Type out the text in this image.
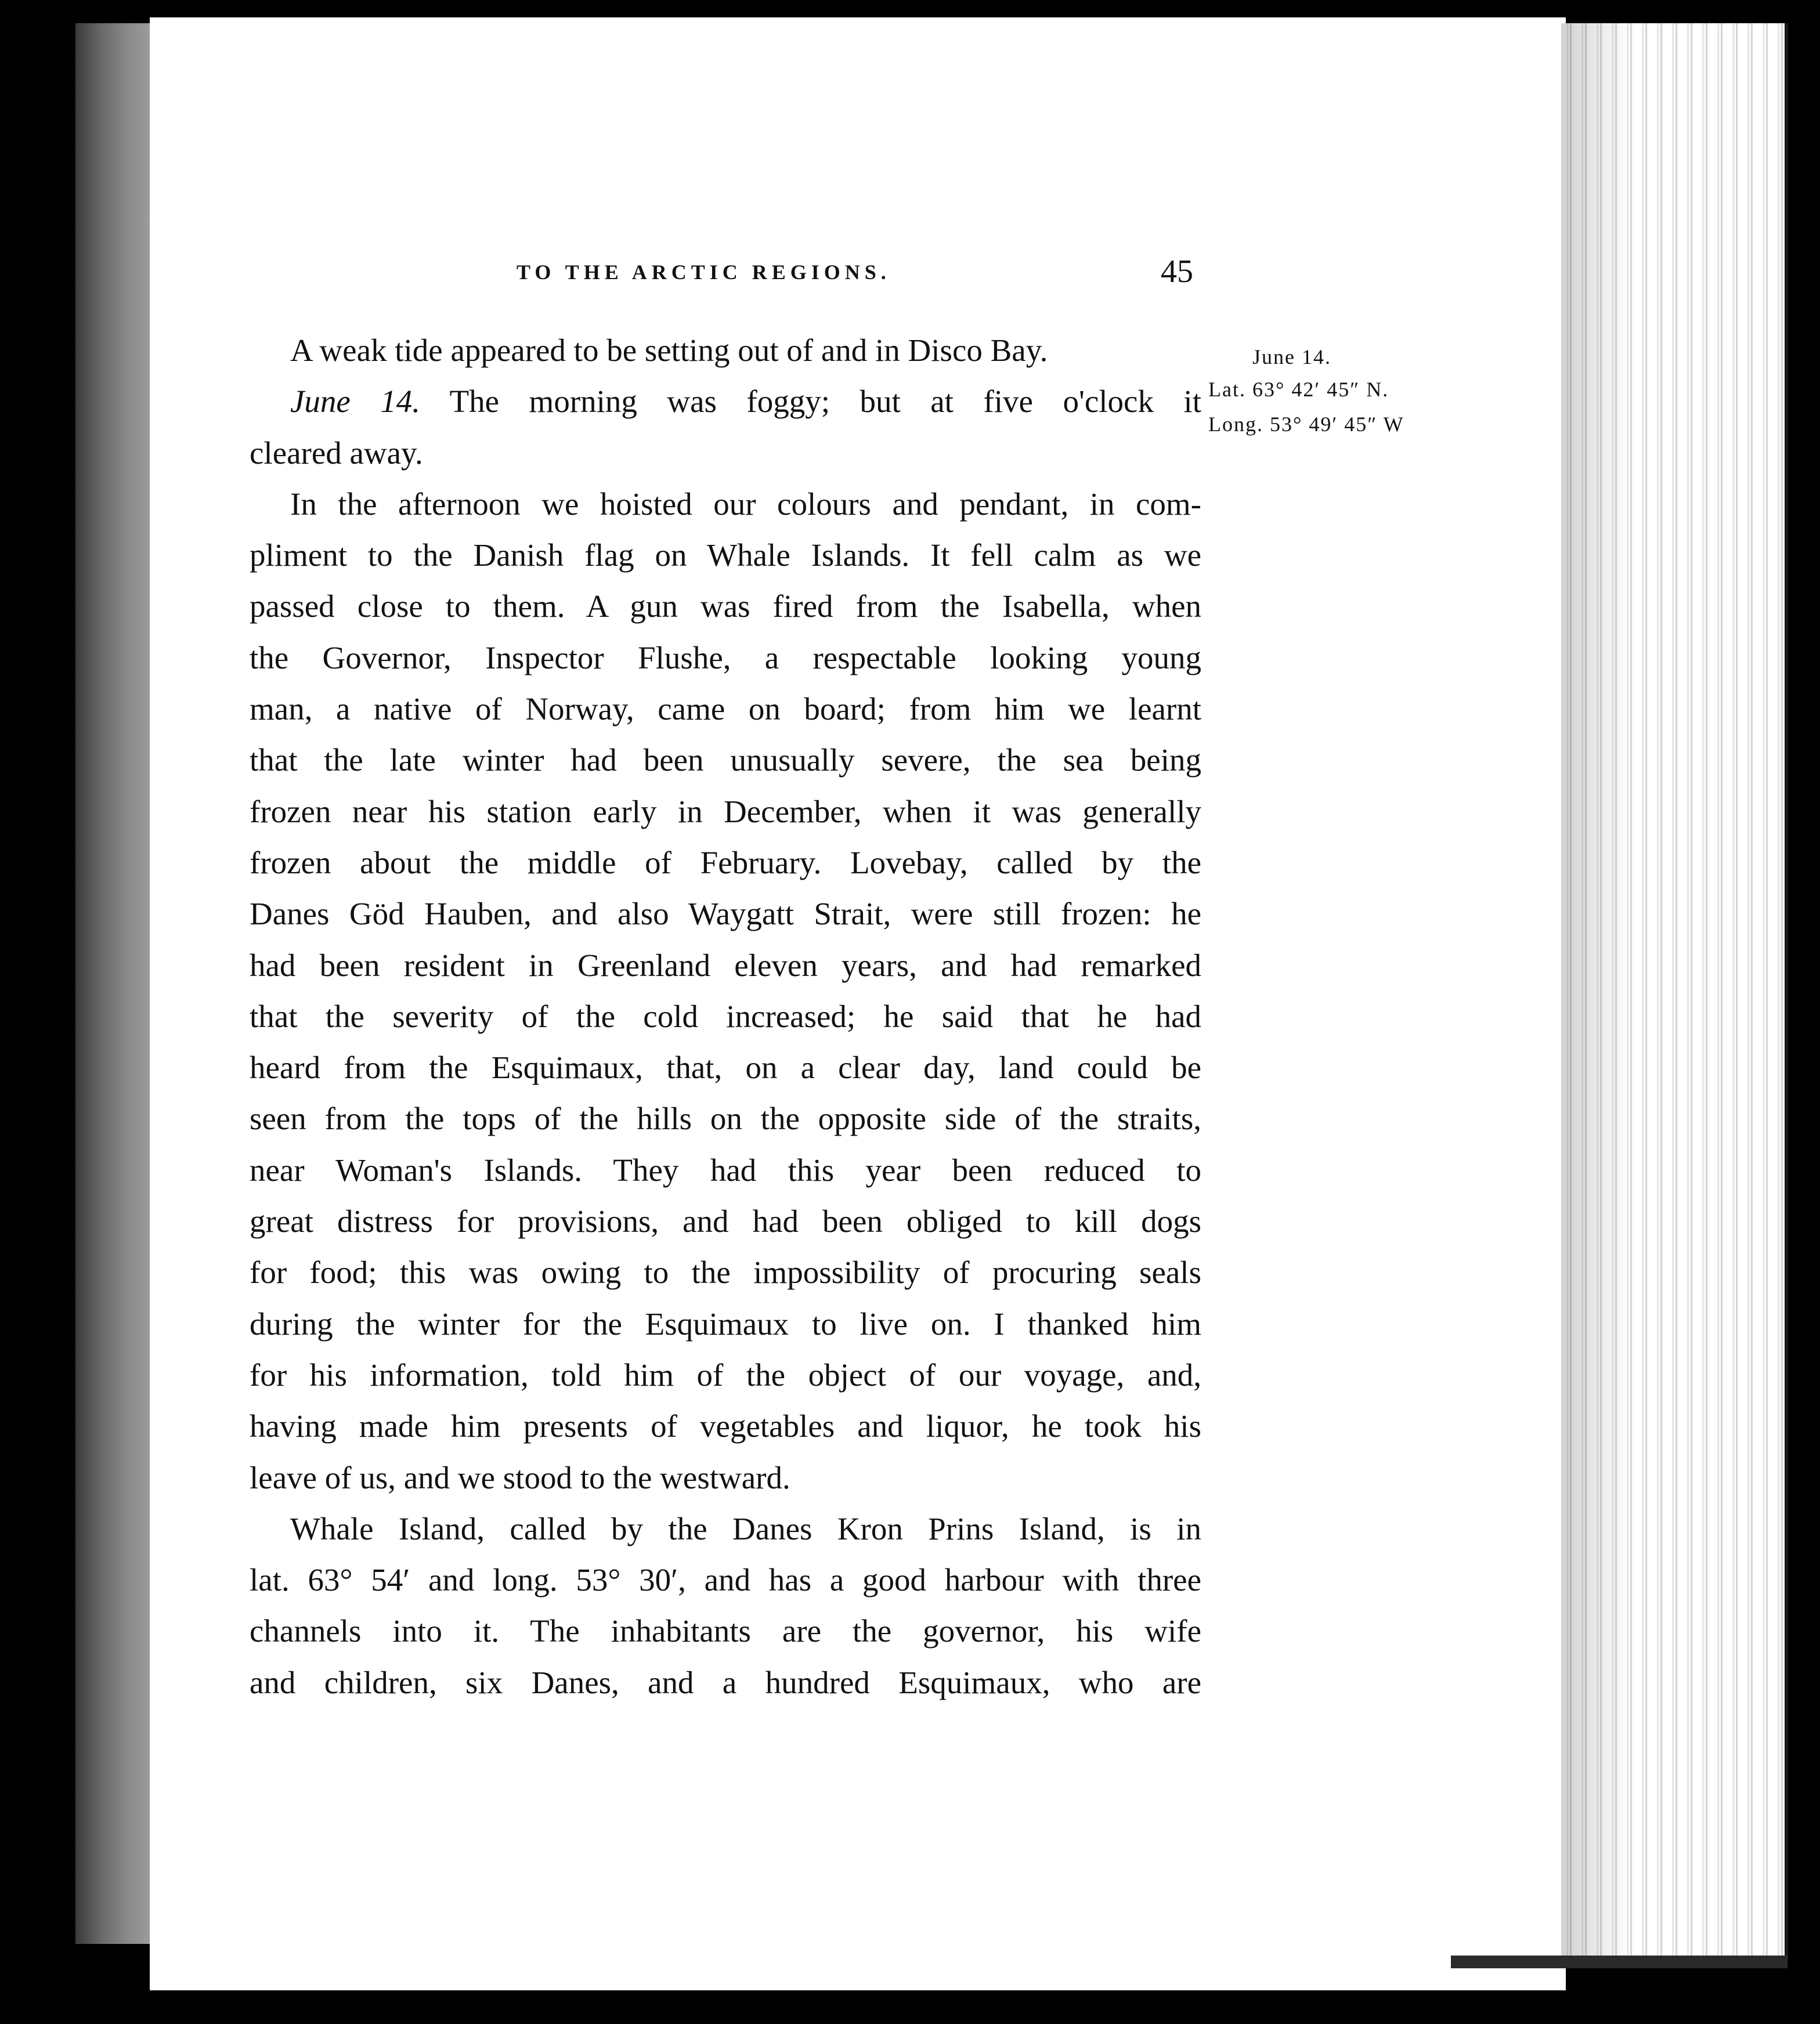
TO THE ARCTIC REGIONS.	45
June 14.
Lat. 63° 42′ 45″ N.
Long. 53° 49′ 45″ W
A weak tide appeared to be setting out of and in Disco Bay.
June 14. The morning was foggy; but at five o'clock it
cleared away.
In the afternoon we hoisted our colours and pendant, in com-
pliment to the Danish flag on Whale Islands. It fell calm as we
passed close to them. A gun was fired from the Isabella, when
the Governor, Inspector Flushe, a respectable looking young
man, a native of Norway, came on board; from him we learnt
that the late winter had been unusually severe, the sea being
frozen near his station early in December, when it was generally
frozen about the middle of February. Lovebay, called by the
Danes Göd Hauben, and also Waygatt Strait, were still frozen: he
had been resident in Greenland eleven years, and had remarked
that the severity of the cold increased; he said that he had
heard from the Esquimaux, that, on a clear day, land could be
seen from the tops of the hills on the opposite side of the straits,
near Woman's Islands. They had this year been reduced to
great distress for provisions, and had been obliged to kill dogs
for food; this was owing to the impossibility of procuring seals
during the winter for the Esquimaux to live on. I thanked him
for his information, told him of the object of our voyage, and,
having made him presents of vegetables and liquor, he took his
leave of us, and we stood to the westward.
Whale Island, called by the Danes Kron Prins Island, is in
lat. 63° 54′ and long. 53° 30′, and has a good harbour with three
channels into it. The inhabitants are the governor, his wife
and children, six Danes, and a hundred Esquimaux, who are
